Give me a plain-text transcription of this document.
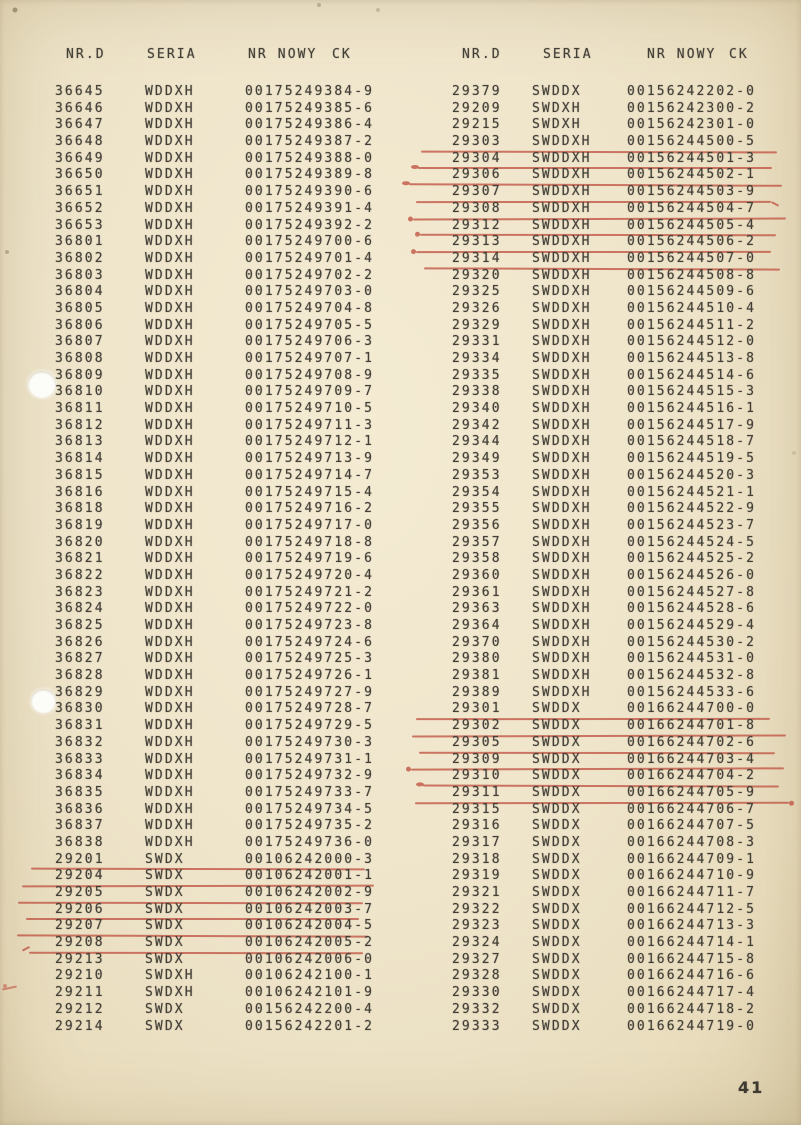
NR.D	SERIA	NR NOWY CK
36645	WDDXH	00175249384-9
36646	WDDXH	00175249385-6
36647	WDDXH	00175249386-4
36648	WDDXH	00175249387-2
36649	WDDXH	00175249388-0
36650	WDDXH	00175249389-8
36651	WDDXH	00175249390-6
36652	WDDXH	00175249391-4
36653	WDDXH	00175249392-2
36801	WDDXH	00175249700-6
36802	WDDXH	00175249701-4
36803	WDDXH	00175249702-2
36804	WDDXH	00175249703-0
36805	WDDXH	00175249704-8
36806	WDDXH	00175249705-5
36807	WDDXH	00175249706-3
36808	WDDXH	00175249707-1
36809	WDDXH	00175249708-9
36810	WDDXH	00175249709-7
36811	WDDXH	00175249710-5
36812	WDDXH	00175249711-3
36813	WDDXH	00175249712-1
36814	WDDXH	00175249713-9
36815	WDDXH	00175249714-7
36816	WDDXH	00175249715-4
36818	WDDXH	00175249716-2
36819	WDDXH	00175249717-0
36820	WDDXH	00175249718-8
36821	WDDXH	00175249719-6
36822	WDDXH	00175249720-4
36823	WDDXH	00175249721-2
36824	WDDXH	00175249722-0
36825	WDDXH	00175249723-8
36826	WDDXH	00175249724-6
36827	WDDXH	00175249725-3
36828	WDDXH	00175249726-1
36829	WDDXH	00175249727-9
36830	WDDXH	00175249728-7
36831	WDDXH	00175249729-5
36832	WDDXH	00175249730-3
36833	WDDXH	00175249731-1
36834	WDDXH	00175249732-9
36835	WDDXH	00175249733-7
36836	WDDXH	00175249734-5
36837	WDDXH	00175249735-2
36838	WDDXH	00175249736-0
29201	SWDX	00106242000-3
29204	SWDX	00106242001-1
29205	SWDX	00106242002-9
29206	SWDX	00106242003-7
29207	SWDX	00106242004-5
29208	SWDX	00106242005-2
29213	SWDX	00106242006-0
29210	SWDXH	00106242100-1
29211	SWDXH	00106242101-9
29212	SWDX	00156242200-4
29214	SWDX	00156242201-2
NR.D	SERIA	NR NOWY CK
29379 SWDDX	00156242202-0
29209 SWDXH	00156242300-2
29215 SWDXH	00156242301-0
29303 SWDDXH	00156244500-5
29304 SWDDXH	00156244501-3
29306 SWDDXH	00156244502-1
29307 SWDDXH	00156244503-9
29308 SWDDXH	00156244504-7
29312 SWDDXH	00156244505-4
29313 SWDDXH	00156244506-2
29314 SWDDXH	00156244507-0
29320 SWDDXH	00156244508-8
29325 SWDDXH	00156244509-6
29326 SWDDXH	00156244510-4
29329 SWDDXH	00156244511-2
29331 SWDDXH	00156244512-0
29334 SWDDXH	00156244513-8
29335 SWDDXH	00156244514-6
29338 SWDDXH	00156244515-3
29340 SWDDXH	00156244516-1
29342 SWDDXH	00156244517-9
29344 SWDDXH	00156244518-7
29349 SWDDXH	00156244519-5
29353 SWDDXH	00156244520-3
29354 SWDDXH	00156244521-1
29355 SWDDXH	00156244522-9
29356 SWDDXH	00156244523-7
29357 SWDDXH	00156244524-5
29358 SWDDXH	00156244525-2
29360 SWDDXH	00156244526-0
29361 SWDDXH	00156244527-8
29363 SWDDXH	00156244528-6
29364 SWDDXH	00156244529-4
29370 SWDDXH	00156244530-2
29380 SWDDXH	00156244531-0
29381 SWDDXH	00156244532-8
29389 SWDDXH	00156244533-6
29301 SWDDX	00166244700-0
29302 SWDDX	00166244701-8
29305 SWDDX	00166244702-6
29309 SWDDX	00166244703-4
29310 SWDDX	00166244704-2
29311 SWDDX	00166244705-9
29315 SWDDX	00166244706-7
29316 SWDDX	00166244707-5
29317 SWDDX	00166244708-3
29318 SWDDX	00166244709-1
29319 SWDDX	00166244710-9
29321 SWDDX	00166244711-7
29322 SWDDX	00166244712-5
29323 SWDDX	00166244713-3
29324 SWDDX	00166244714-1
29327 SWDDX	00166244715-8
29328 SWDDX	00166244716-6
29330 SWDDX	00166244717-4
29332 SWDDX	00166244718-2
29333 SWDDX	00166244719-0
41
